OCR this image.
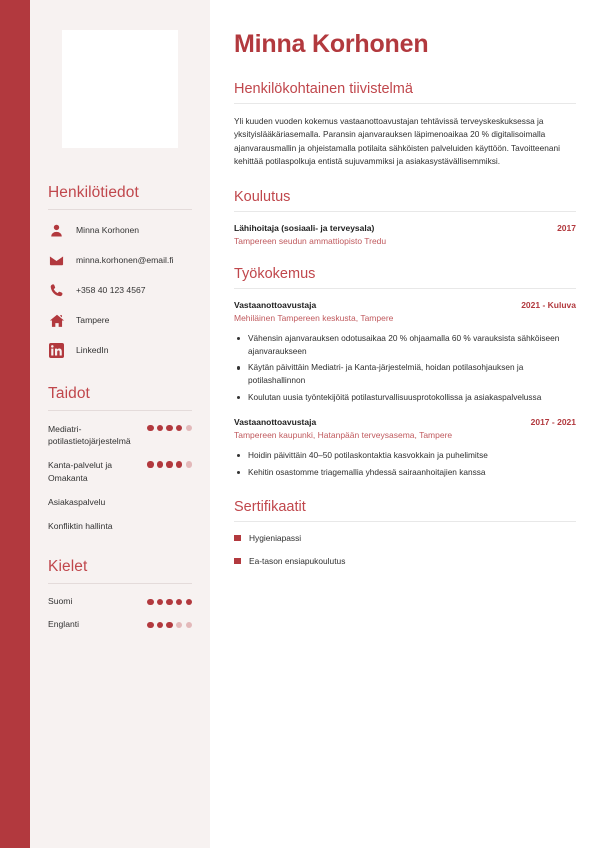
Henkilötiedot
Minna Korhonen
minna.korhonen@email.fi
+358 40 123 4567
Tampere
LinkedIn
Taidot
Mediatri-potilastietojärjestelmä
Kanta-palvelut ja Omakanta
Asiakaspalvelu
Konfliktin hallinta
Kielet
Suomi
Englanti
Minna Korhonen
Henkilökohtainen tiivistelmä

Yli kuuden vuoden kokemus vastaanottoavustajan tehtävissä terveyskeskuksessa ja yksityislääkäriasemalla. Paransin ajanvarauksen läpimenoaikaa 20 % digitalisoimalla ajanvarausmallin ja ohjeistamalla potilaita sähköisten palveluiden käyttöön. Tavoitteenani kehittää potilaspolkuja entistä sujuvammiksi ja asiakasystävällisemmiksi.

Koulutus
Lähihoitaja (sosiaali- ja terveysala)	2017
Tampereen seudun ammattiopisto Tredu
Työkokemus
Vastaanottoavustaja	2021 - Kuluva
Mehiläinen Tampereen keskusta, Tampere
Vähensin ajanvarauksen odotusaikaa 20 % ohjaamalla 60 % varauksista sähköiseen ajanvaraukseen
Käytän päivittäin Mediatri- ja Kanta-järjestelmiä, hoidan potilasohjauksen ja potilashallinnon
Koulutan uusia työntekijöitä potilasturvallisuusprotokollissa ja asiakaspalvelussa
Vastaanottoavustaja	2017 - 2021
Tampereen kaupunki, Hatanpään terveysasema, Tampere
Hoidin päivittäin 40–50 potilaskontaktia kasvokkain ja puhelimitse
Kehitin osastomme triagemallia yhdessä sairaanhoitajien kanssa
Sertifikaatit
Hygieniapassi
Ea-tason ensiapukoulutus
